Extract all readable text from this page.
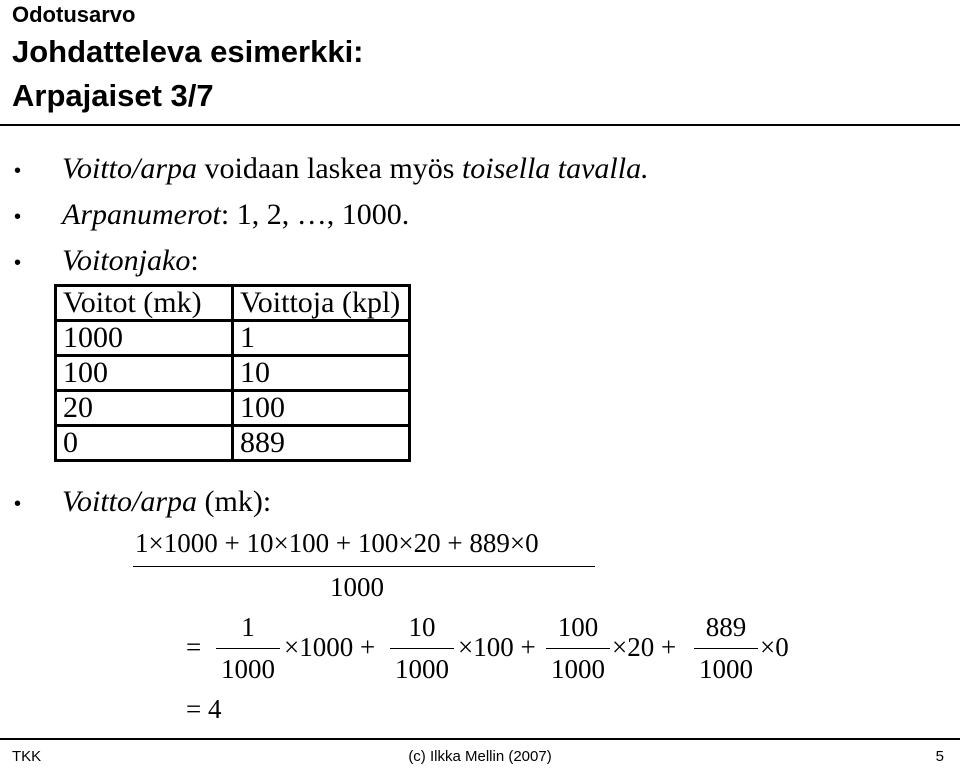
Odotusarvo
Johdatteleva esimerkki:
Arpajaiset 3/7
• Voitto/arpa voidaan laskea myös toisella tavalla.
• Arpanumerot: 1, 2, …, 1000.
• Voitonjako:
Voitot (mk)	Voittoja (kpl)
1000	1
100	10
20	100
0	889
• Voitto/arpa (mk):
1×1000 + 10×100 + 100×20 + 889×0
1000
=
1
1000
×1000 +
10
1000
×100 +
100
1000
×20 +
889
1000
×0
= 4
TKK	(c) Ilkka Mellin (2007)	5
